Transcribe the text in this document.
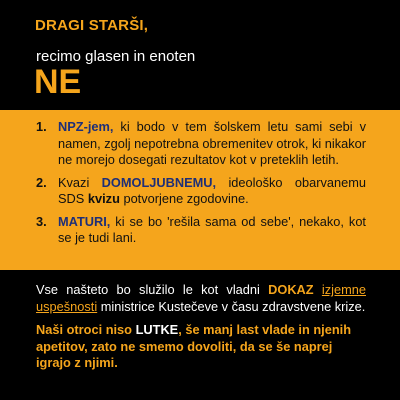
DRAGI STARŠI,

recimo glasen in enoten

NE

1. NPZ-jem, ki bodo v tem šolskem letu sami sebi v namen, zgolj nepotrebna obremenitev otrok, ki nikakor ne morejo dosegati rezultatov kot v preteklih letih.
2. Kvazi DOMOLJUBNEMU, ideološko obarvanemu SDS kvizu potvorjene zgodovine.
3. MATURI, ki se bo 'rešila sama od sebe', nekako, kot se je tudi lani.

Vse našteto bo služilo le kot vladni DOKAZ izjemne uspešnosti ministrice Kustečeve v času zdravstvene krize.

Naši otroci niso LUTKE, še manj last vlade in njenih apetitov, zato ne smemo dovoliti, da se še naprej igrajo z njimi.
